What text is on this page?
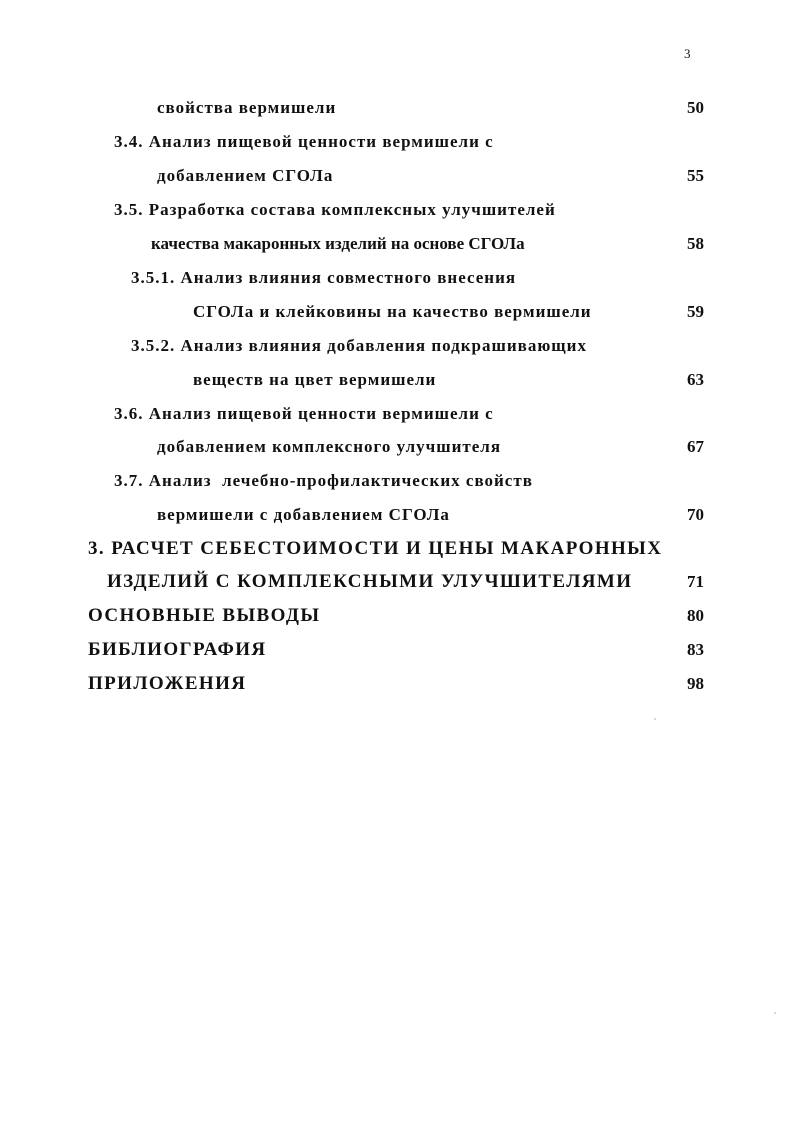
3
свойства вермишели	50
3.4. Анализ пищевой ценности вермишели с
добавлением СГОЛа	55
3.5. Разработка состава комплексных улучшителей
качества макаронных изделий на основе СГОЛа	58
3.5.1. Анализ влияния совместного внесения
СГОЛа и клейковины на качество вермишели	59
3.5.2. Анализ влияния добавления подкрашивающих
веществ на цвет вермишели	63
3.6. Анализ пищевой ценности вермишели с
добавлением комплексного улучшителя	67
3.7. Анализ  лечебно-профилактических свойств
вермишели с добавлением СГОЛа	70
3. РАСЧЕТ СЕБЕСТОИМОСТИ И ЦЕНЫ МАКАРОННЫХ
ИЗДЕЛИЙ С КОМПЛЕКСНЫМИ УЛУЧШИТЕЛЯМИ	71
ОСНОВНЫЕ ВЫВОДЫ	80
БИБЛИОГРАФИЯ	83
ПРИЛОЖЕНИЯ	98
